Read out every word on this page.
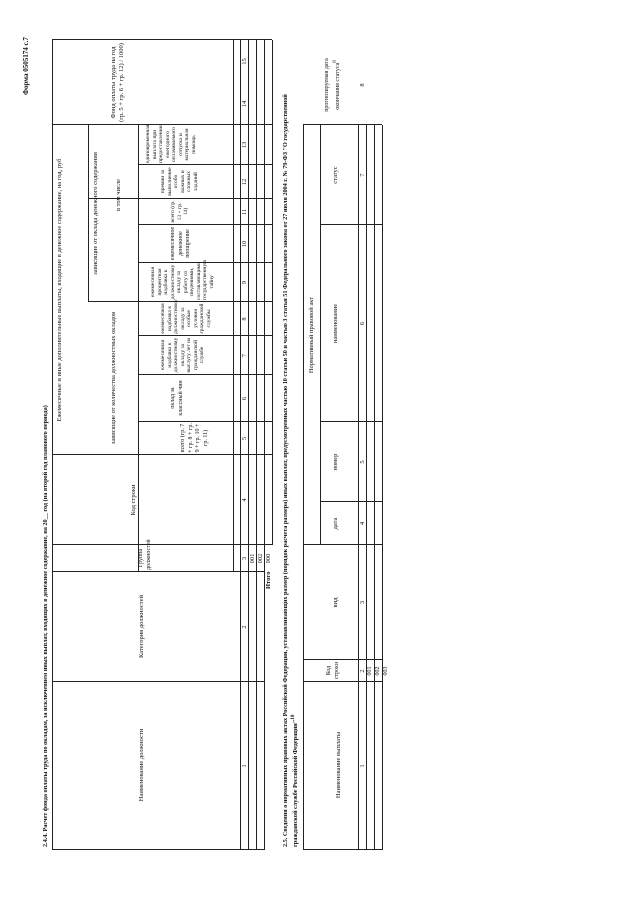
Форма 0505174 с.7
2.4.4. Расчет фонда оплаты труда по окладам, за исключением иных выплат, входящих в денежное содержание, на 20__ год (на второй год планового периода)	Наименование должности
Категория должностей
Группа должностей
Код строки
Ежемесячные и иные дополнительные выплаты, входящие в денежное содержание, на год, руб
Фонд оплаты труда на год (гр. 5 + гр. 6 + гр. 12) / 1000)
зависящие от количества должностных окладов
зависящие от оклада денежного содержания в том числе
всего (гр. 7 + гр. 8 + гр. 9 + гр. 10 + гр. 11)
оклад за классный чин
ежемесячная надбавка к должностному окладу за выслугу лет на гражданской службе
ежемесячная надбавка к должностному окладу за особые условия гражданской службы
ежемесячная процентная надбавка к должностному окладу за работу со сведениями, составляющими государственную тайну
ежемесячное денежное поощрение
всего (гр. 13 + гр. 14)
премии за выполнение особо важных и сложных заданий
единовременная выплата при предоставлении ежегодного оплачиваемого отпуска и материальная помощь
1
2
3
4
5
6
7
8
9
10
11
12
13
14
15
001 002
Итого
900 2.5. Сведения о нормативных правовых актах Российской Федерации, устанавливающих размер (порядок расчета размера) иных выплат, предусмотренных частью 10 статьи 50 и частью 3 статьи 51 Федерального закона от 27 июля 2004 г. № 79-ФЗ "О государственной гражданской службе Российской Федерации"$^{10}$
Наименование выплаты
Код строки
Нормативный правовой акт
вид
дата
номер
наименование
статус
прогнозируемая дата окончания статуса$^8$
1
2
3
4
5
6
7
8
001 002 003
